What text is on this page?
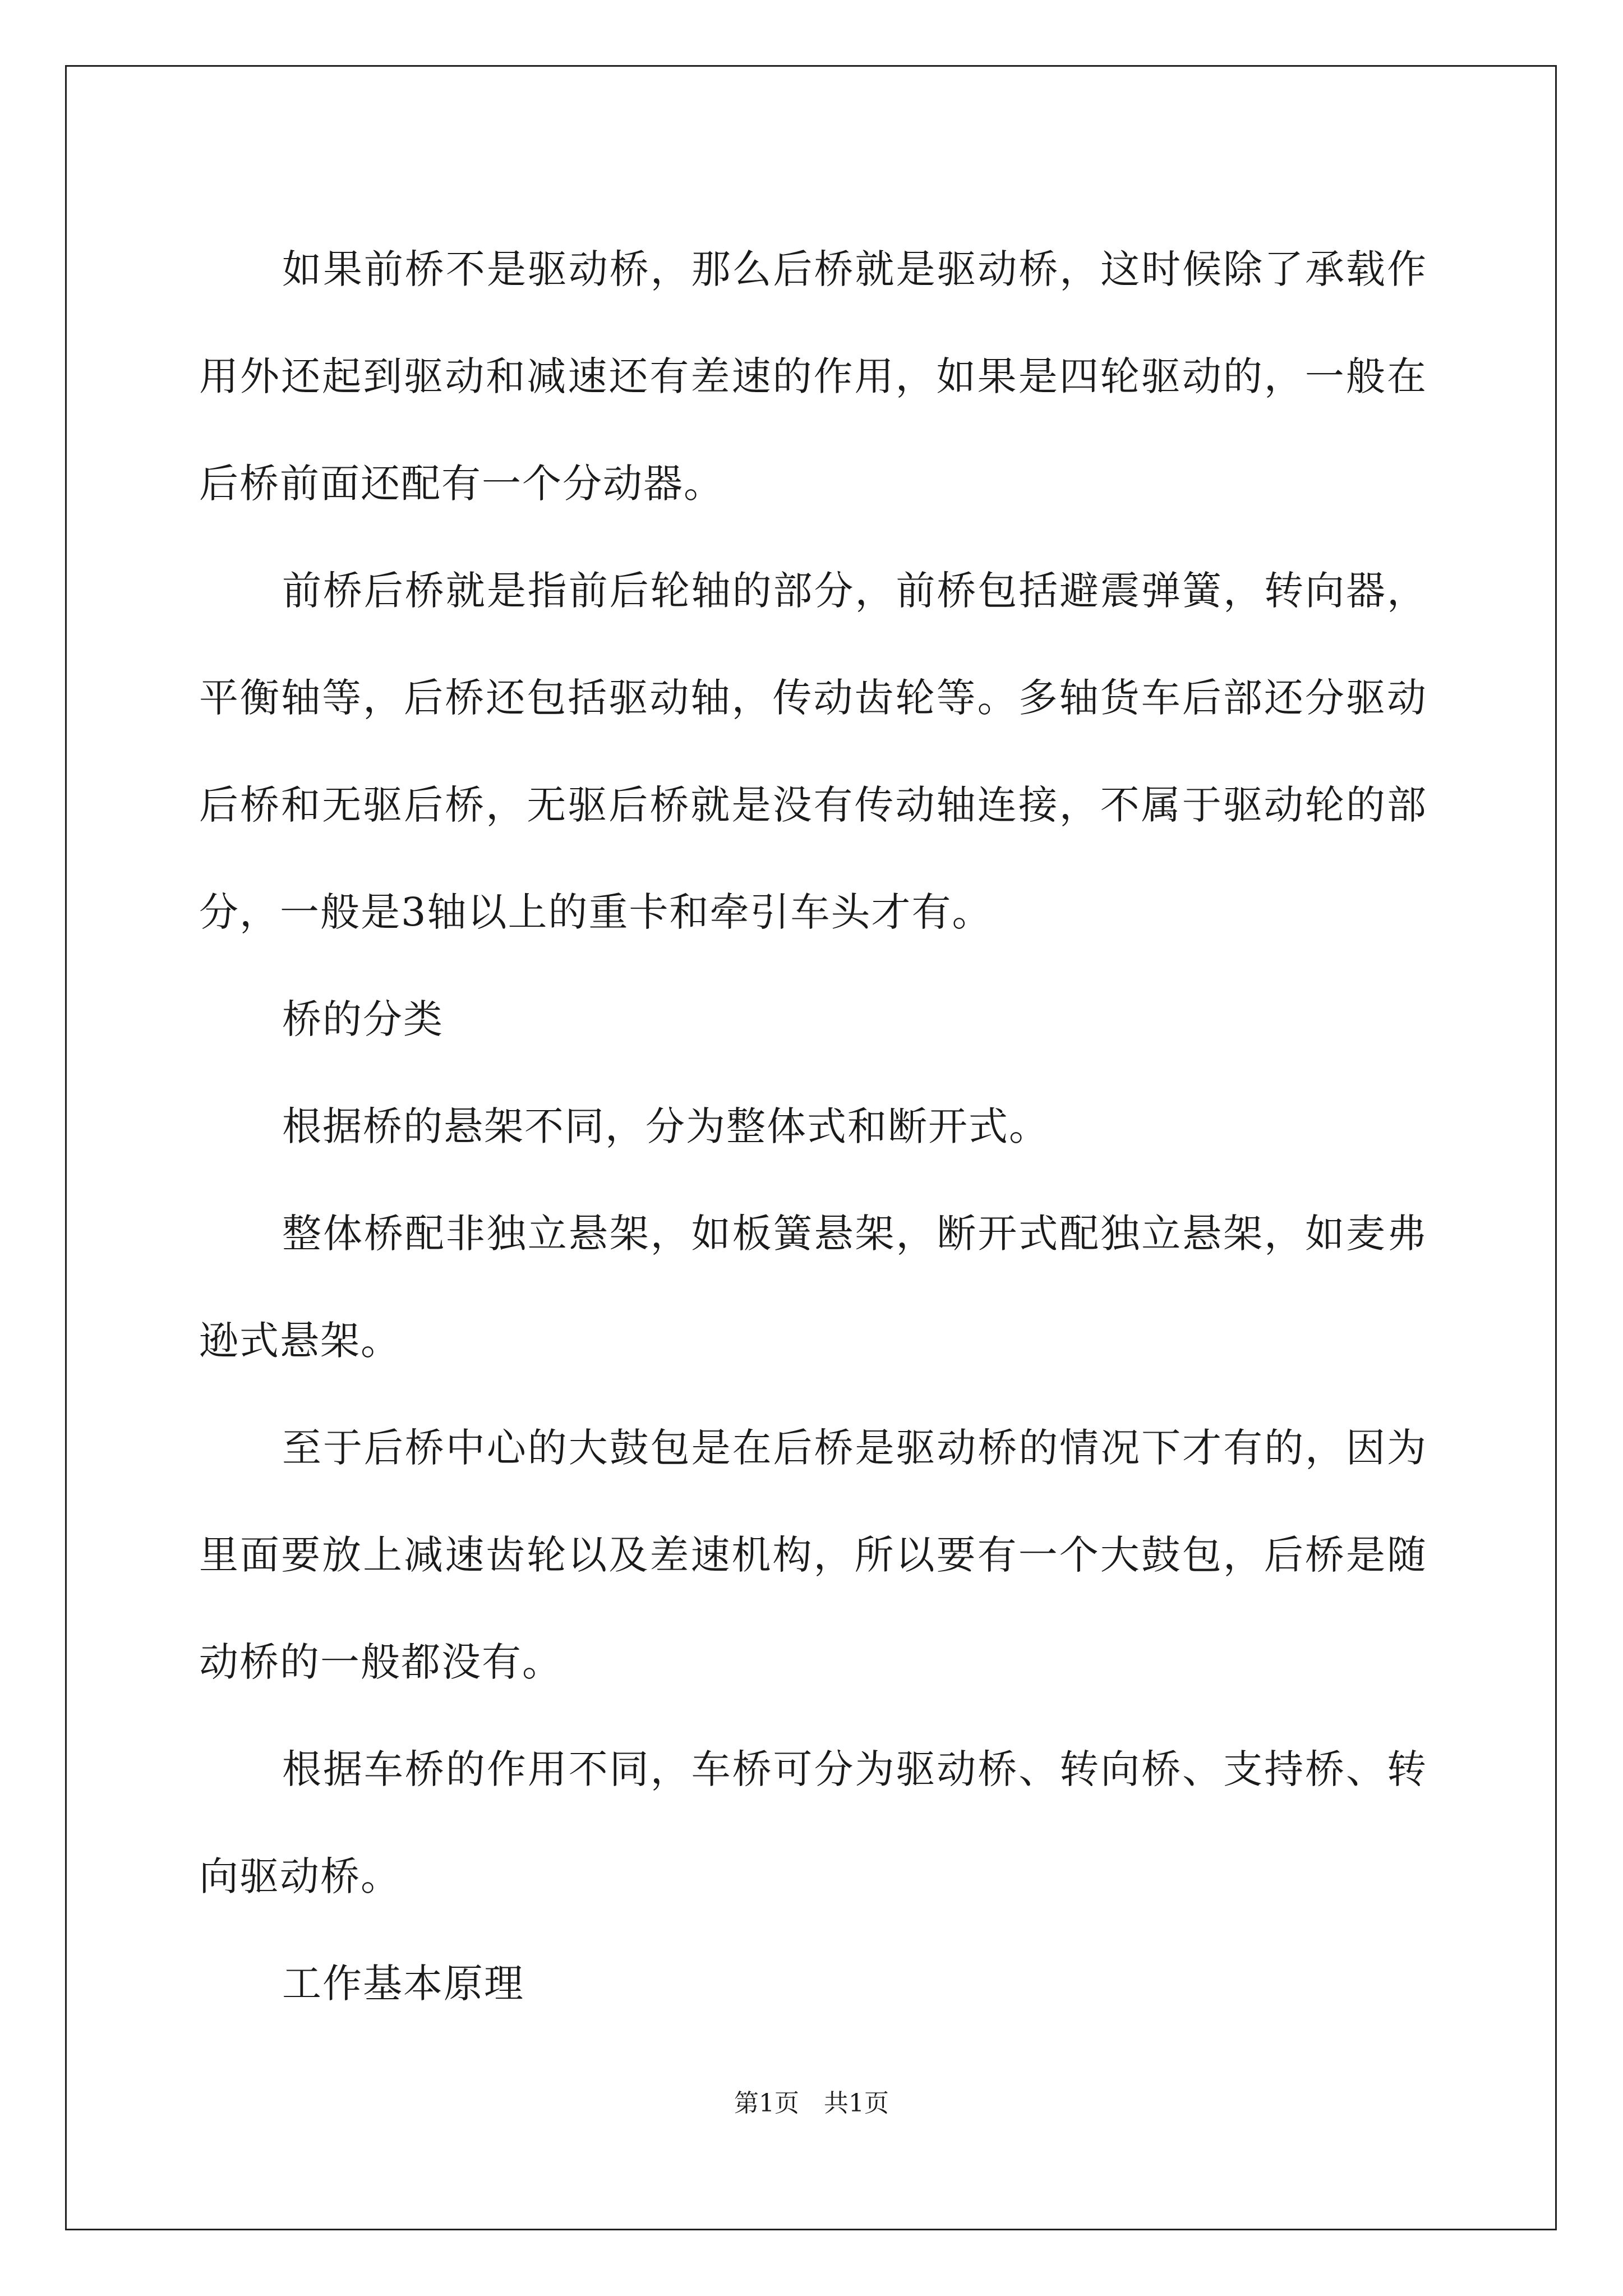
如果前桥不是驱动桥，那么后桥就是驱动桥，这时候除了承载作用外还起到驱动和减速还有差速的作用，如果是四轮驱动的，一般在后桥前面还配有一个分动器。

前桥后桥就是指前后轮轴的部分，前桥包括避震弹簧，转向器，平衡轴等，后桥还包括驱动轴，传动齿轮等。多轴货车后部还分驱动后桥和无驱后桥，无驱后桥就是没有传动轴连接，不属于驱动轮的部分，一般是3轴以上的重卡和牵引车头才有。

桥的分类

根据桥的悬架不同，分为整体式和断开式。

整体桥配非独立悬架，如板簧悬架，断开式配独立悬架，如麦弗逊式悬架。

至于后桥中心的大鼓包是在后桥是驱动桥的情况下才有的，因为里面要放上减速齿轮以及差速机构，所以要有一个大鼓包，后桥是随动桥的一般都没有。

根据车桥的作用不同，车桥可分为驱动桥、转向桥、支持桥、转向驱动桥。

工作基本原理

第1页　共1页
